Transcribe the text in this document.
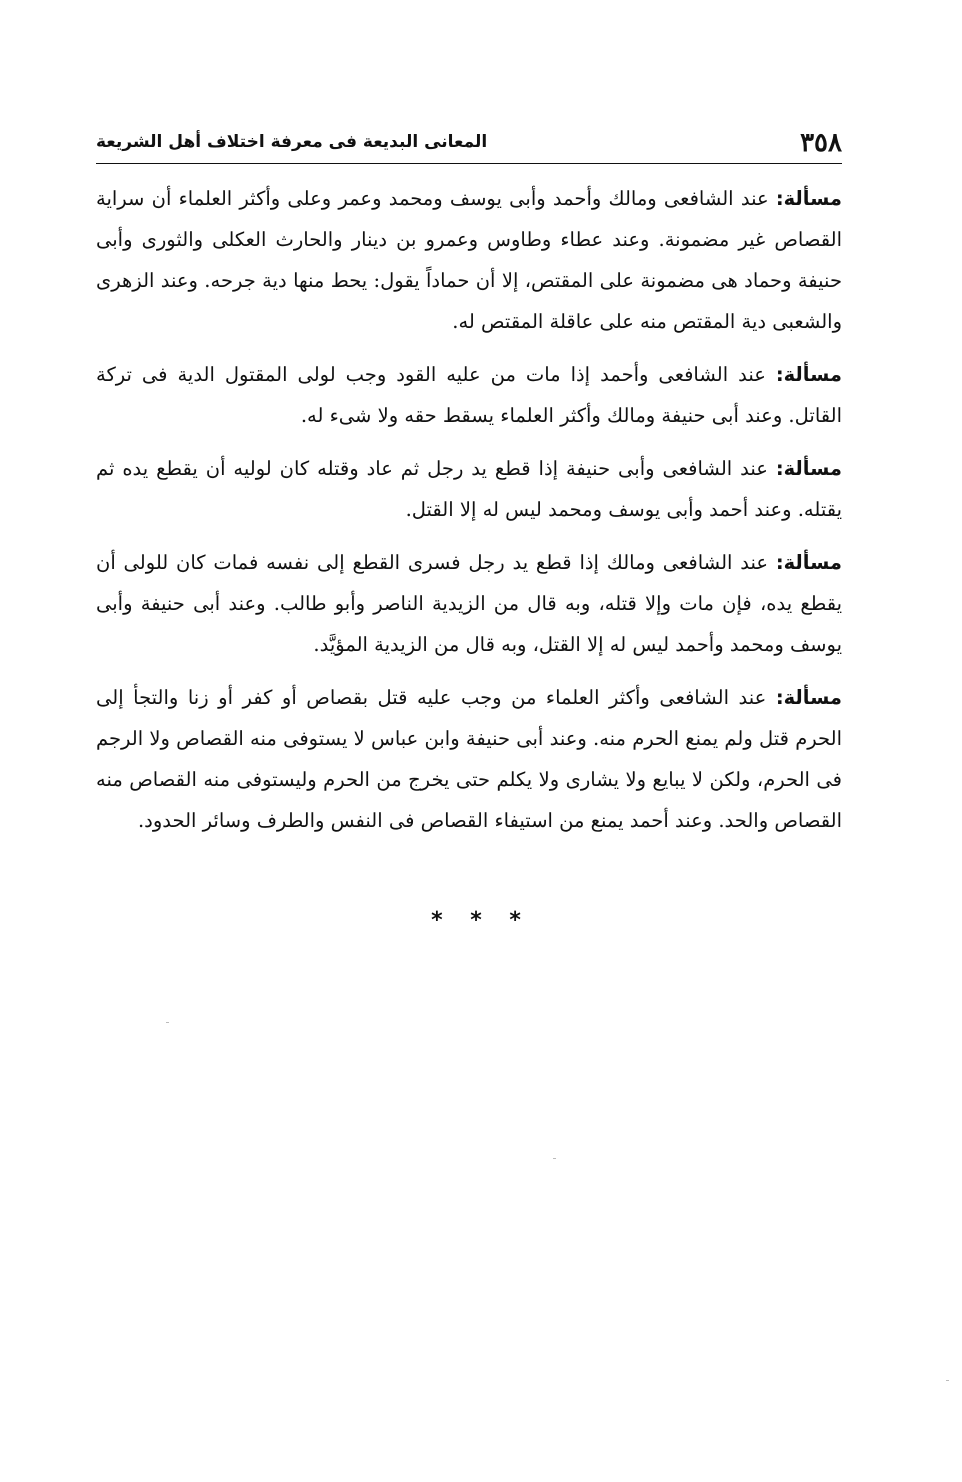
٣٥٨
المعانى البديعة فى معرفة اختلاف أهل الشريعة

مسألة: عند الشافعى ومالك وأحمد وأبى يوسف ومحمد وعمر وعلى وأكثر العلماء أن سراية القصاص غير مضمونة. وعند عطاء وطاوس وعمرو بن دينار والحارث العكلى والثورى وأبى حنيفة وحماد هى مضمونة على المقتص، إلا أن حماداً يقول: يحط منها دية جرحه. وعند الزهرى والشعبى دية المقتص منه على عاقلة المقتص له.

مسألة: عند الشافعى وأحمد إذا مات من عليه القود وجب لولى المقتول الدية فى تركة القاتل. وعند أبى حنيفة ومالك وأكثر العلماء يسقط حقه ولا شىء له.

مسألة: عند الشافعى وأبى حنيفة إذا قطع يد رجل ثم عاد وقتله كان لوليه أن يقطع يده ثم يقتله. وعند أحمد وأبى يوسف ومحمد ليس له إلا القتل.

مسألة: عند الشافعى ومالك إذا قطع يد رجل فسرى القطع إلى نفسه فمات كان للولى أن يقطع يده، فإن مات وإلا قتله، وبه قال من الزيدية الناصر وأبو طالب. وعند أبى حنيفة وأبى يوسف ومحمد وأحمد ليس له إلا القتل، وبه قال من الزيدية المؤيَّد.

مسألة: عند الشافعى وأكثر العلماء من وجب عليه قتل بقصاص أو كفر أو زنا والتجأ إلى الحرم قتل ولم يمنع الحرم منه. وعند أبى حنيفة وابن عباس لا يستوفى منه القصاص ولا الرجم فى الحرم، ولكن لا يبايع ولا يشارى ولا يكلم حتى يخرج من الحرم وليستوفى منه القصاص منه القصاص والحد. وعند أحمد يمنع من استيفاء القصاص فى النفس والطرف وسائر الحدود.

* * *
